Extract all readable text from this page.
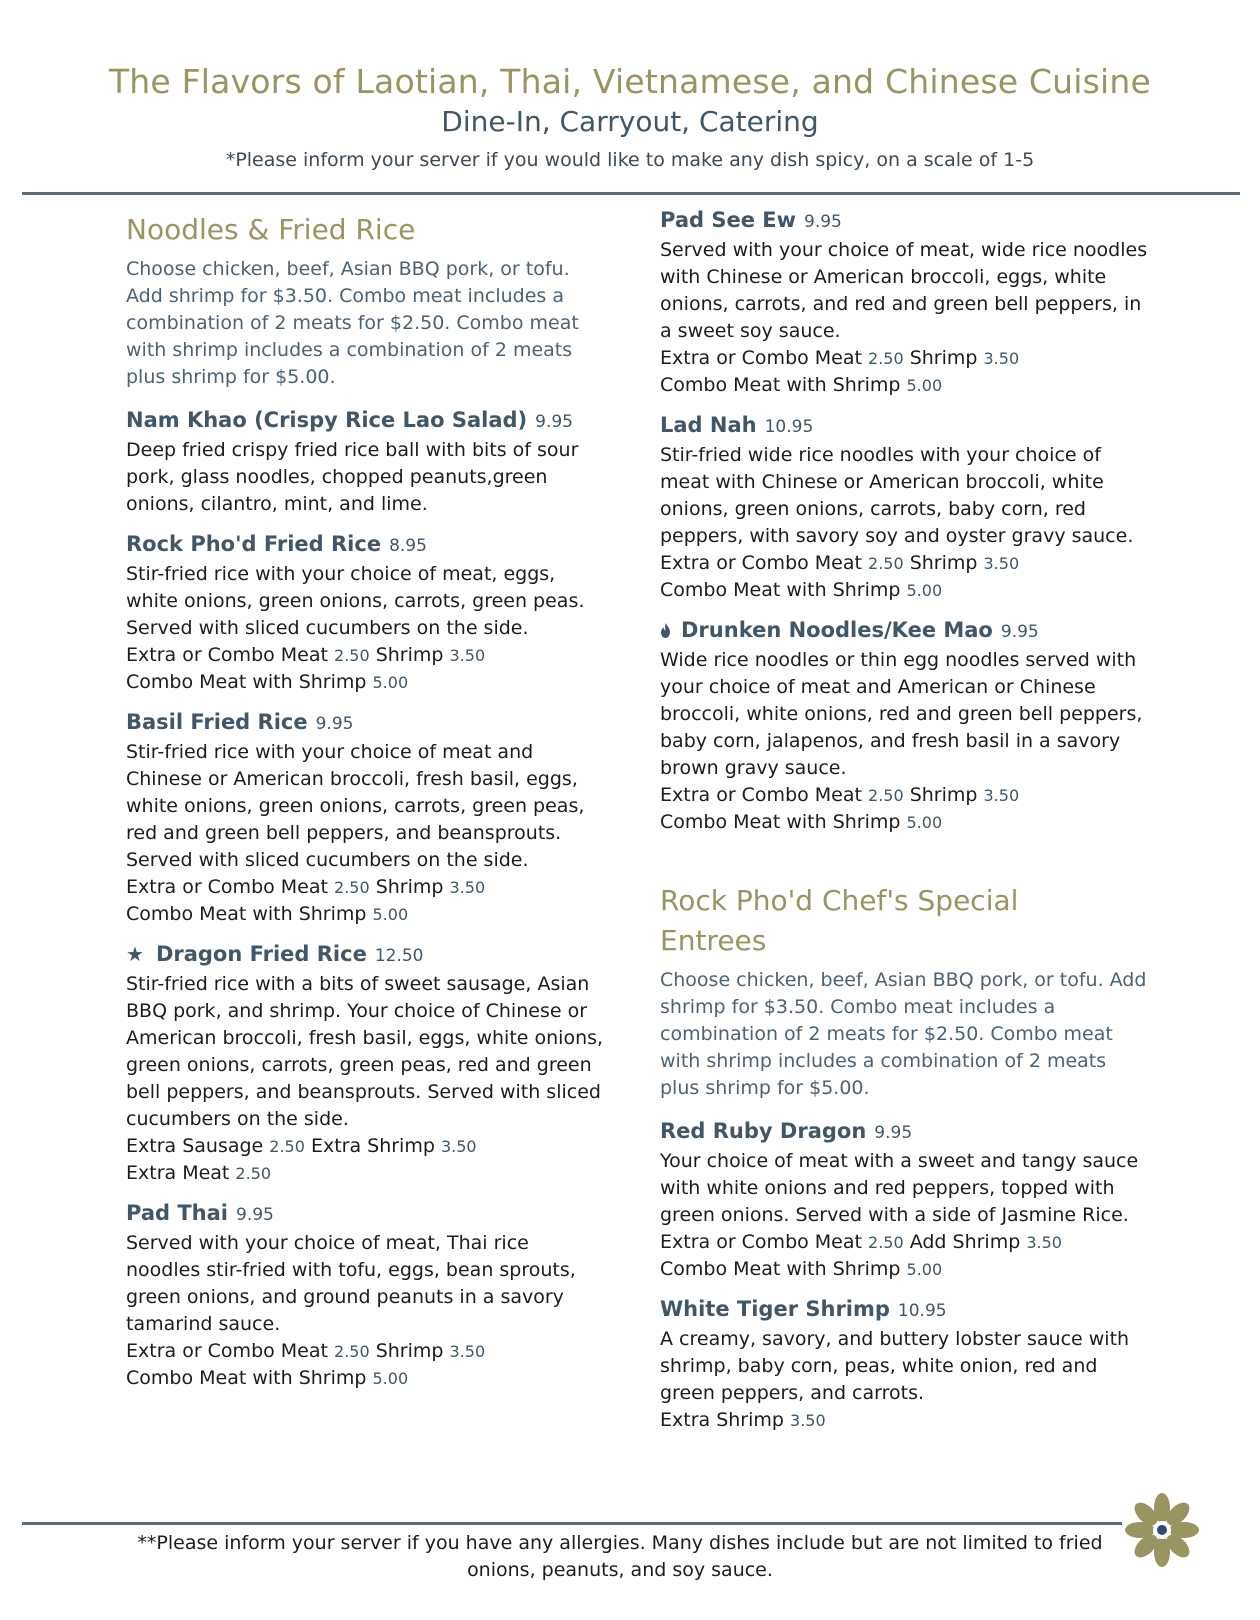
The Flavors of Laotian, Thai, Vietnamese, and Chinese Cuisine
Dine-In, Carryout, Catering
*Please inform your server if you would like to make any dish spicy, on a scale of 1-5
Noodles & Fried Rice
Choose chicken, beef, Asian BBQ pork, or tofu. Add shrimp for $3.50. Combo meat includes a combination of 2 meats for $2.50. Combo meat with shrimp includes a combination of 2 meats plus shrimp for $5.00.
Nam Khao (Crispy Rice Lao Salad) 9.95
Deep fried crispy fried rice ball with bits of sour pork, glass noodles, chopped peanuts,green onions, cilantro, mint, and lime.
Rock Pho'd Fried Rice 8.95
Stir-fried rice with your choice of meat, eggs, white onions, green onions, carrots, green peas. Served with sliced cucumbers on the side.
Extra or Combo Meat 2.50 Shrimp 3.50
Combo Meat with Shrimp 5.00
Basil Fried Rice 9.95
Stir-fried rice with your choice of meat and Chinese or American broccoli, fresh basil, eggs, white onions, green onions, carrots, green peas, red and green bell peppers, and beansprouts. Served with sliced cucumbers on the side.
Extra or Combo Meat 2.50 Shrimp 3.50
Combo Meat with Shrimp 5.00
★ Dragon Fried Rice 12.50
Stir-fried rice with a bits of sweet sausage, Asian BBQ pork, and shrimp. Your choice of Chinese or American broccoli, fresh basil, eggs, white onions, green onions, carrots, green peas, red and green bell peppers, and beansprouts. Served with sliced cucumbers on the side.
Extra Sausage 2.50 Extra Shrimp 3.50
Extra Meat 2.50
Pad Thai 9.95
Served with your choice of meat, Thai rice noodles stir-fried with tofu, eggs, bean sprouts, green onions, and ground peanuts in a savory tamarind sauce.
Extra or Combo Meat 2.50 Shrimp 3.50
Combo Meat with Shrimp 5.00
Pad See Ew 9.95
Served with your choice of meat, wide rice noodles with Chinese or American broccoli, eggs, white onions, carrots, and red and green bell peppers, in a sweet soy sauce.
Extra or Combo Meat 2.50 Shrimp 3.50
Combo Meat with Shrimp 5.00
Lad Nah 10.95
Stir-fried wide rice noodles with your choice of meat with Chinese or American broccoli, white onions, green onions, carrots, baby corn, red peppers, with savory soy and oyster gravy sauce.
Extra or Combo Meat 2.50 Shrimp 3.50
Combo Meat with Shrimp 5.00
Drunken Noodles/Kee Mao 9.95
Wide rice noodles or thin egg noodles served with your choice of meat and American or Chinese broccoli, white onions, red and green bell peppers, baby corn, jalapenos, and fresh basil in a savory brown gravy sauce.
Extra or Combo Meat 2.50 Shrimp 3.50
Combo Meat with Shrimp 5.00
Rock Pho'd Chef's Special
Entrees
Choose chicken, beef, Asian BBQ pork, or tofu. Add shrimp for $3.50. Combo meat includes a combination of 2 meats for $2.50. Combo meat with shrimp includes a combination of 2 meats plus shrimp for $5.00.
Red Ruby Dragon 9.95
Your choice of meat with a sweet and tangy sauce with white onions and red peppers, topped with green onions. Served with a side of Jasmine Rice.
Extra or Combo Meat 2.50 Add Shrimp 3.50
Combo Meat with Shrimp 5.00
White Tiger Shrimp 10.95
A creamy, savory, and buttery lobster sauce with shrimp, baby corn, peas, white onion, red and green peppers, and carrots.
Extra Shrimp 3.50
**Please inform your server if you have any allergies. Many dishes include but are not limited to fried
onions, peanuts, and soy sauce.
